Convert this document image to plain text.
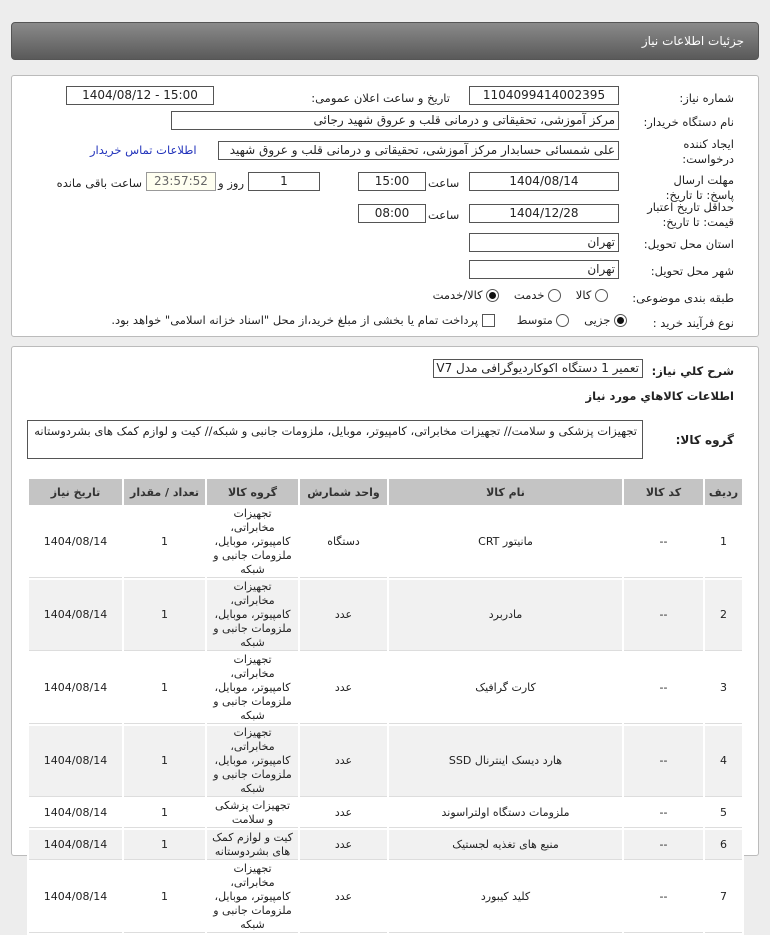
جزئیات اطلاعات نیاز
شماره نیاز:
1104099414002395
تاریخ و ساعت اعلان عمومی:
1404/08/12 - 15:00
نام دستگاه خریدار:
مرکز آموزشی، تحقیقاتی و درمانی قلب و عروق شهید رجائی
ایجاد کننده درخواست:
علی شمسائی حسابدار مرکز آموزشی، تحقیقاتی و درمانی قلب و عروق شهید
اطلاعات تماس خریدار
مهلت ارسال پاسخ: تا تاریخ:
1404/08/14
ساعت
15:00
1
روز و
23:57:52
ساعت باقی مانده
حداقل تاریخ اعتبار قیمت: تا تاریخ:
1404/12/28
ساعت
08:00
استان محل تحویل:
تهران
شهر محل تحویل:
تهران
طبقه بندی موضوعی:
کالا     خدمت     کالا/خدمت
نوع فرآیند خرید :
جزیی     متوسط       پرداخت تمام یا بخشی از مبلغ خرید،از محل "اسناد خزانه اسلامی" خواهد بود.
شرح کلي نياز:
تعمیر 1 دستگاه اکوکاردیوگرافی مدل V7
اطلاعات کالاهاي مورد نياز
گروه کالا:
تجهیزات پزشکی و سلامت// تجهیزات مخابراتی، کامپیوتر، موبایل، ملزومات جانبی و شبکه// کیت و لوازم کمک های بشردوستانه
ردیف	کد کالا	نام کالا	واحد شمارش	گروه کالا	تعداد / مقدار	تاریخ نیاز
1	--	مانیتور CRT	دستگاه	تجهیزات مخابراتی، کامپیوتر، موبایل، ملزومات جانبی و شبکه	1	1404/08/14
2	--	مادربرد	عدد	تجهیزات مخابراتی، کامپیوتر، موبایل، ملزومات جانبی و شبکه	1	1404/08/14
3	--	کارت گرافیک	عدد	تجهیزات مخابراتی، کامپیوتر، موبایل، ملزومات جانبی و شبکه	1	1404/08/14
4	--	هارد دیسک اینترنال SSD	عدد	تجهیزات مخابراتی، کامپیوتر، موبایل، ملزومات جانبی و شبکه	1	1404/08/14
5	--	ملزومات دستگاه اولتراسوند	عدد	تجهیزات پزشکی و سلامت	1	1404/08/14
6	--	منبع های تغذیه لجستیک	عدد	کیت و لوازم کمک های بشردوستانه	1	1404/08/14
7	--	کلید کیبورد	عدد	تجهیزات مخابراتی، کامپیوتر، موبایل، ملزومات جانبی و شبکه	1	1404/08/14
